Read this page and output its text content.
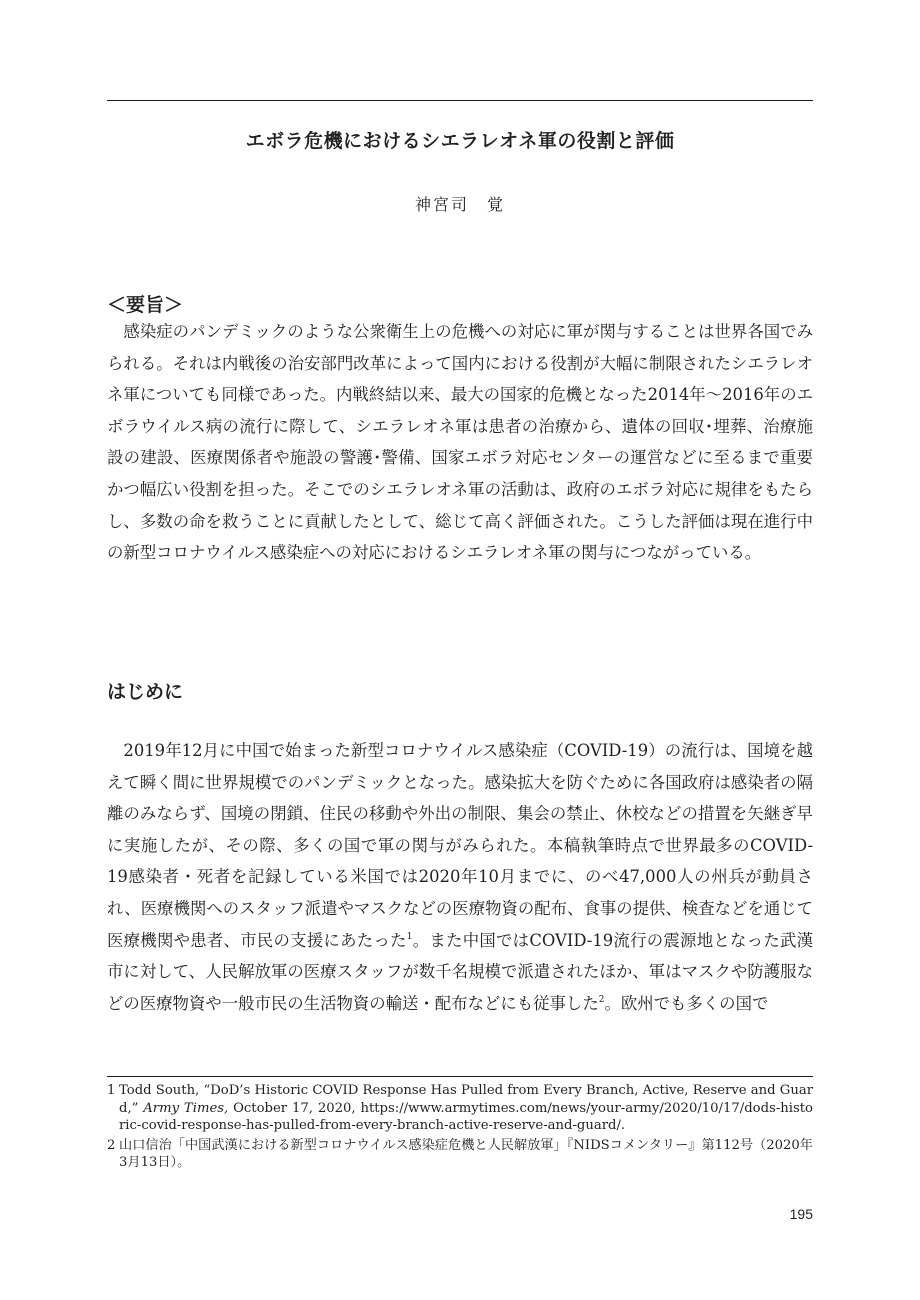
エボラ危機におけるシエラレオネ軍の役割と評価
神宮司　覚
＜要旨＞

感染症のパンデミックのような公衆衛生上の危機への対応に軍が関与することは世界各国でみられる。それは内戦後の治安部門改革によって国内における役割が大幅に制限されたシエラレオネ軍についても同様であった。内戦終結以来、最大の国家的危機となった2014年～2016年のエボラウイルス病の流行に際して、シエラレオネ軍は患者の治療から、遺体の回収･埋葬、治療施設の建設、医療関係者や施設の警護･警備、国家エボラ対応センターの運営などに至るまで重要かつ幅広い役割を担った。そこでのシエラレオネ軍の活動は、政府のエボラ対応に規律をもたらし、多数の命を救うことに貢献したとして、総じて高く評価された。こうした評価は現在進行中の新型コロナウイルス感染症への対応におけるシエラレオネ軍の関与につながっている。

はじめに

2019年12月に中国で始まった新型コロナウイルス感染症（COVID-19）の流行は、国境を越えて瞬く間に世界規模でのパンデミックとなった。感染拡大を防ぐために各国政府は感染者の隔離のみならず、国境の閉鎖、住民の移動や外出の制限、集会の禁止、休校などの措置を矢継ぎ早に実施したが、その際、多くの国で軍の関与がみられた。本稿執筆時点で世界最多のCOVID-19感染者・死者を記録している米国では2020年10月までに、のべ47,000人の州兵が動員され、医療機関へのスタッフ派遣やマスクなどの医療物資の配布、食事の提供、検査などを通じて医療機関や患者、市民の支援にあたった$^1$。また中国ではCOVID-19流行の震源地となった武漢市に対して、人民解放軍の医療スタッフが数千名規模で派遣されたほか、軍はマスクや防護服などの医療物資や一般市民の生活物資の輸送・配布などにも従事した$^2$。欧州でも多くの国で

1 Todd South, “DoD’s Historic COVID Response Has Pulled from Every Branch, Active, Reserve and Guard,” Army Times, October 17, 2020, https://www.armytimes.com/news/your-army/2020/10/17/dods-historic-covid-response-has-pulled-from-every-branch-active-reserve-and-guard/.
2 山口信治「中国武漢における新型コロナウイルス感染症危機と人民解放軍」『NIDSコメンタリー』第112号（2020年3月13日）。
195
